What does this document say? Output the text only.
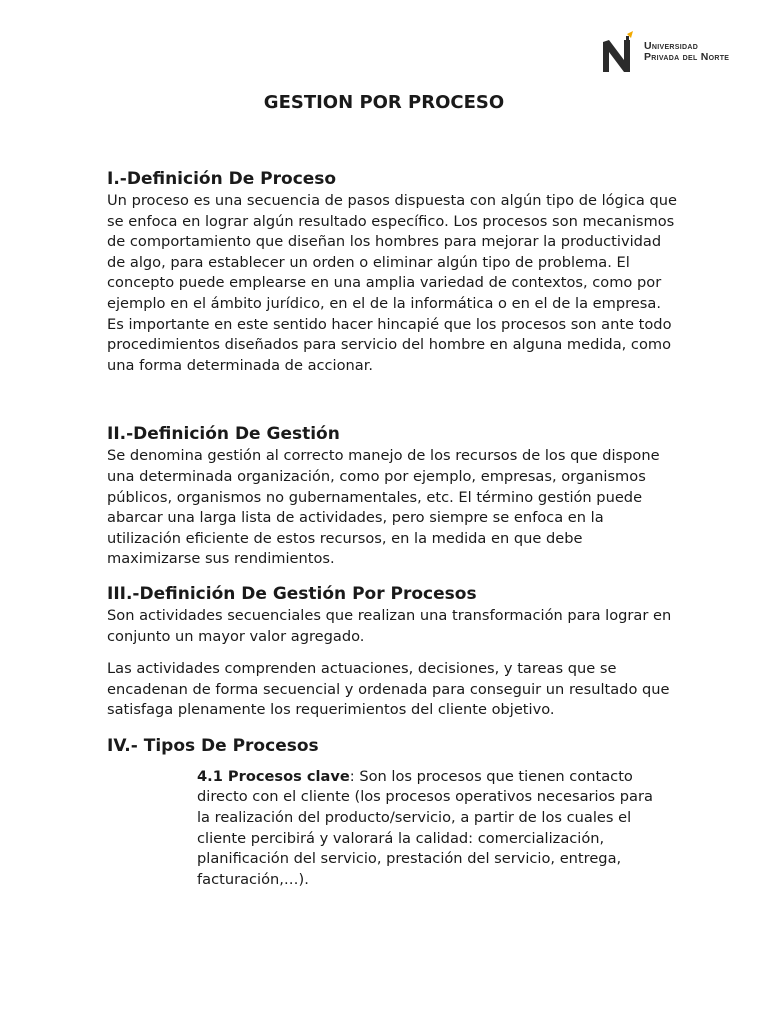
Universidad
Privada del Norte
GESTION POR PROCESO
I.-Definición De Proceso

Un proceso es una secuencia de pasos dispuesta con algún tipo de lógica que se enfoca en lograr algún resultado específico. Los procesos son mecanismos de comportamiento que diseñan los hombres para mejorar la productividad de algo, para establecer un orden o eliminar algún tipo de problema. El concepto puede emplearse en una amplia variedad de contextos, como por ejemplo en el ámbito jurídico, en el de la informática o en el de la empresa. Es importante en este sentido hacer hincapié que los procesos son ante todo procedimientos diseñados para servicio del hombre en alguna medida, como una forma determinada de accionar.

II.-Definición De Gestión

Se denomina gestión al correcto manejo de los recursos de los que dispone una determinada organización, como por ejemplo, empresas, organismos públicos, organismos no gubernamentales, etc. El término gestión puede abarcar una larga lista de actividades, pero siempre se enfoca en la utilización eficiente de estos recursos, en la medida en que debe maximizarse sus rendimientos.

III.-Definición De Gestión Por Procesos

Son actividades secuenciales que realizan una transformación para lograr en conjunto un mayor valor agregado.

Las actividades comprenden actuaciones, decisiones, y tareas que se encadenan de forma secuencial y ordenada para conseguir un resultado que satisfaga plenamente los requerimientos del cliente objetivo.

IV.- Tipos De Procesos

4.1 Procesos clave: Son los procesos que tienen contacto directo con el cliente (los procesos operativos necesarios para la realización del producto/servicio, a partir de los cuales el cliente percibirá y valorará la calidad: comercialización, planificación del servicio, prestación del servicio, entrega, facturación,…).
